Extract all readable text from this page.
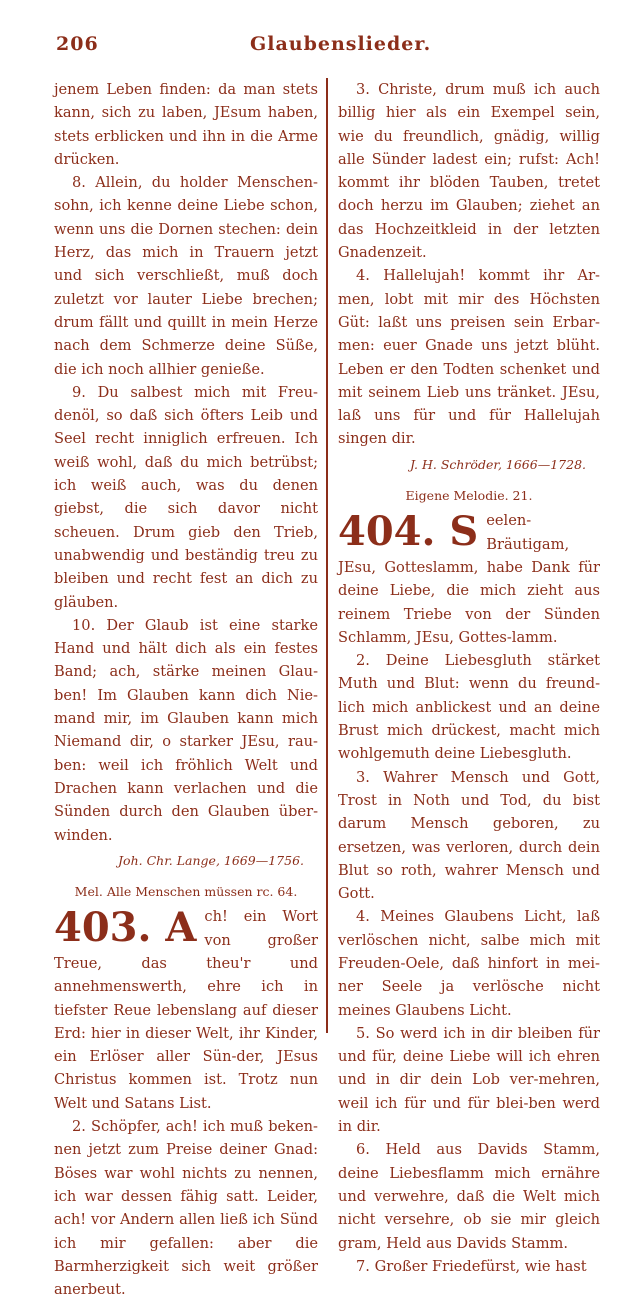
206	Glaubenslieder.

jenem Leben finden: da man stets kann, sich zu laben, JEsum haben, stets erblicken und ihn in die Arme drücken.

8. Allein, du holder Menschen-sohn, ich kenne deine Liebe schon, wenn uns die Dornen stechen: dein Herz, das mich in Trauern jetzt und sich verschließt, muß doch zuletzt vor lauter Liebe brechen; drum fällt und quillt in mein Herze nach dem Schmerze deine Süße, die ich noch allhier genieße.

9. Du salbest mich mit Freu-denöl, so daß sich öfters Leib und Seel recht inniglich erfreuen. Ich weiß wohl, daß du mich betrübst; ich weiß auch, was du denen giebst, die sich davor nicht scheuen. Drum gieb den Trieb, unabwendig und beständig treu zu bleiben und recht fest an dich zu gläuben.

10. Der Glaub ist eine starke Hand und hält dich als ein festes Band; ach, stärke meinen Glau-ben! Im Glauben kann dich Nie-mand mir, im Glauben kann mich Niemand dir, o starker JEsu, rau-ben: weil ich fröhlich Welt und Drachen kann verlachen und die Sünden durch den Glauben über-winden.

Joh. Chr. Lange, 1669—1756.

Mel. Alle Menschen müssen rc. 64.

403. A ch! ein Wort von großer Treue, das theu'r und annehmenswerth, ehre ich in tiefster Reue lebenslang auf dieser Erd: hier in dieser Welt, ihr Kinder, ein Erlöser aller Sün-der, JEsus Christus kommen ist. Trotz nun Welt und Satans List.

2. Schöpfer, ach! ich muß beken-nen jetzt zum Preise deiner Gnad: Böses war wohl nichts zu nennen, ich war dessen fähig satt. Leider, ach! vor Andern allen ließ ich Sünd ich mir gefallen: aber die Barmherzigkeit sich weit größer anerbeut.

3. Christe, drum muß ich auch billig hier als ein Exempel sein, wie du freundlich, gnädig, willig alle Sünder ladest ein; rufst: Ach! kommt ihr blöden Tauben, tretet doch herzu im Glauben; ziehet an das Hochzeitkleid in der letzten Gnadenzeit.

4. Hallelujah! kommt ihr Ar-men, lobt mit mir des Höchsten Güt: laßt uns preisen sein Erbar-men: euer Gnade uns jetzt blüht. Leben er den Todten schenket und mit seinem Lieb uns tränket. JEsu, laß uns für und für Hallelujah singen dir.

J. H. Schröder, 1666—1728.

Eigene Melodie. 21.

404. S eelen-Bräutigam, JEsu, Gotteslamm, habe Dank für deine Liebe, die mich zieht aus reinem Triebe von der Sünden Schlamm, JEsu, Gottes-lamm.

2. Deine Liebesgluth stärket Muth und Blut: wenn du freund-lich mich anblickest und an deine Brust mich drückest, macht mich wohlgemuth deine Liebesgluth.

3. Wahrer Mensch und Gott, Trost in Noth und Tod, du bist darum Mensch geboren, zu ersetzen, was verloren, durch dein Blut so roth, wahrer Mensch und Gott.

4. Meines Glaubens Licht, laß verlöschen nicht, salbe mich mit Freuden-Oele, daß hinfort in mei-ner Seele ja verlösche nicht meines Glaubens Licht.

5. So werd ich in dir bleiben für und für, deine Liebe will ich ehren und in dir dein Lob ver-mehren, weil ich für und für blei-ben werd in dir.

6. Held aus Davids Stamm, deine Liebesflamm mich ernähre und verwehre, daß die Welt mich nicht versehre, ob sie mir gleich gram, Held aus Davids Stamm.

7. Großer Friedefürst, wie hast
